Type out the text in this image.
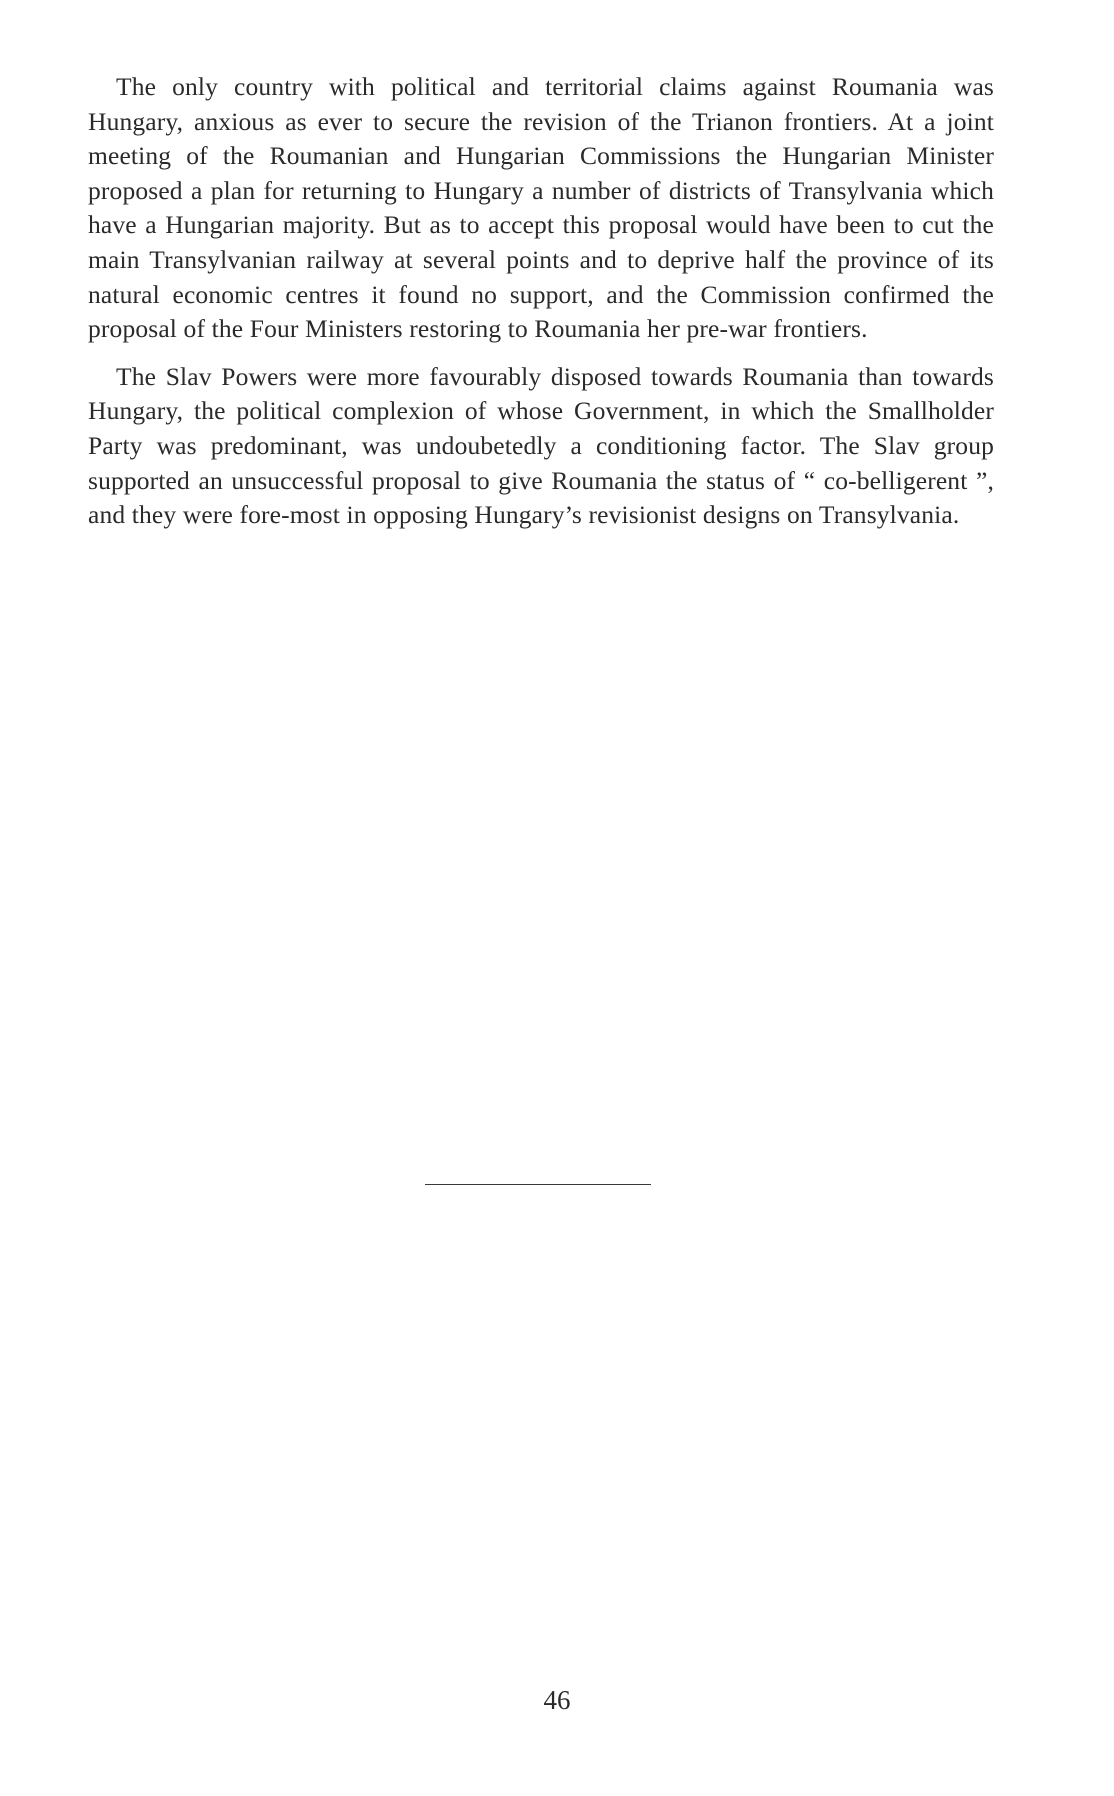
The only country with political and territorial claims against Roumania was Hungary, anxious as ever to secure the revision of the Trianon frontiers. At a joint meeting of the Roumanian and Hungarian Commissions the Hungarian Minister proposed a plan for returning to Hungary a number of districts of Transylvania which have a Hungarian majority. But as to accept this proposal would have been to cut the main Transylvanian railway at several points and to deprive half the province of its natural economic centres it found no support, and the Commission confirmed the proposal of the Four Ministers restoring to Roumania her pre-war frontiers.

The Slav Powers were more favourably disposed towards Roumania than towards Hungary, the political complexion of whose Government, in which the Smallholder Party was predominant, was undoubetedly a conditioning factor. The Slav group supported an unsuccessful proposal to give Roumania the status of “ co-belligerent ”, and they were fore-most in opposing Hungary’s revisionist designs on Transylvania.

46
